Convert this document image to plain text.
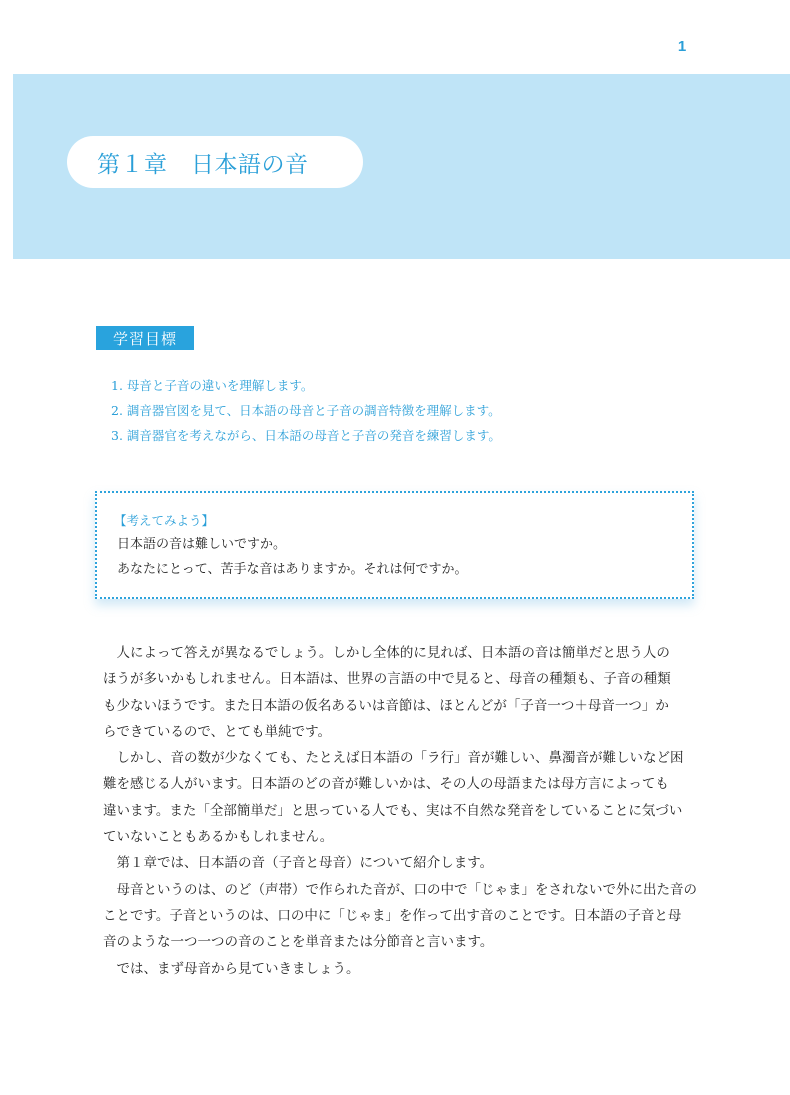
1
第１章　日本語の音
学習目標
1. 母音と子音の違いを理解します。
2. 調音器官図を見て、日本語の母音と子音の調音特徴を理解します。
3. 調音器官を考えながら、日本語の母音と子音の発音を練習します。
【考えてみよう】
日本語の音は難しいですか。
あなたにとって、苦手な音はありますか。それは何ですか。
　人によって答えが異なるでしょう。しかし全体的に見れば、日本語の音は簡単だと思う人の
ほうが多いかもしれません。日本語は、世界の言語の中で見ると、母音の種類も、子音の種類
も少ないほうです。また日本語の仮名あるいは音節は、ほとんどが「子音一つ＋母音一つ」か
らできているので、とても単純です。
　しかし、音の数が少なくても、たとえば日本語の「ラ行」音が難しい、鼻濁音が難しいなど困
難を感じる人がいます。日本語のどの音が難しいかは、その人の母語または母方言によっても
違います。また「全部簡単だ」と思っている人でも、実は不自然な発音をしていることに気づい
ていないこともあるかもしれません。
　第１章では、日本語の音（子音と母音）について紹介します。
　母音というのは、のど（声帯）で作られた音が、口の中で「じゃま」をされないで外に出た音の
ことです。子音というのは、口の中に「じゃま」を作って出す音のことです。日本語の子音と母
音のような一つ一つの音のことを単音または分節音と言います。
　では、まず母音から見ていきましょう。
